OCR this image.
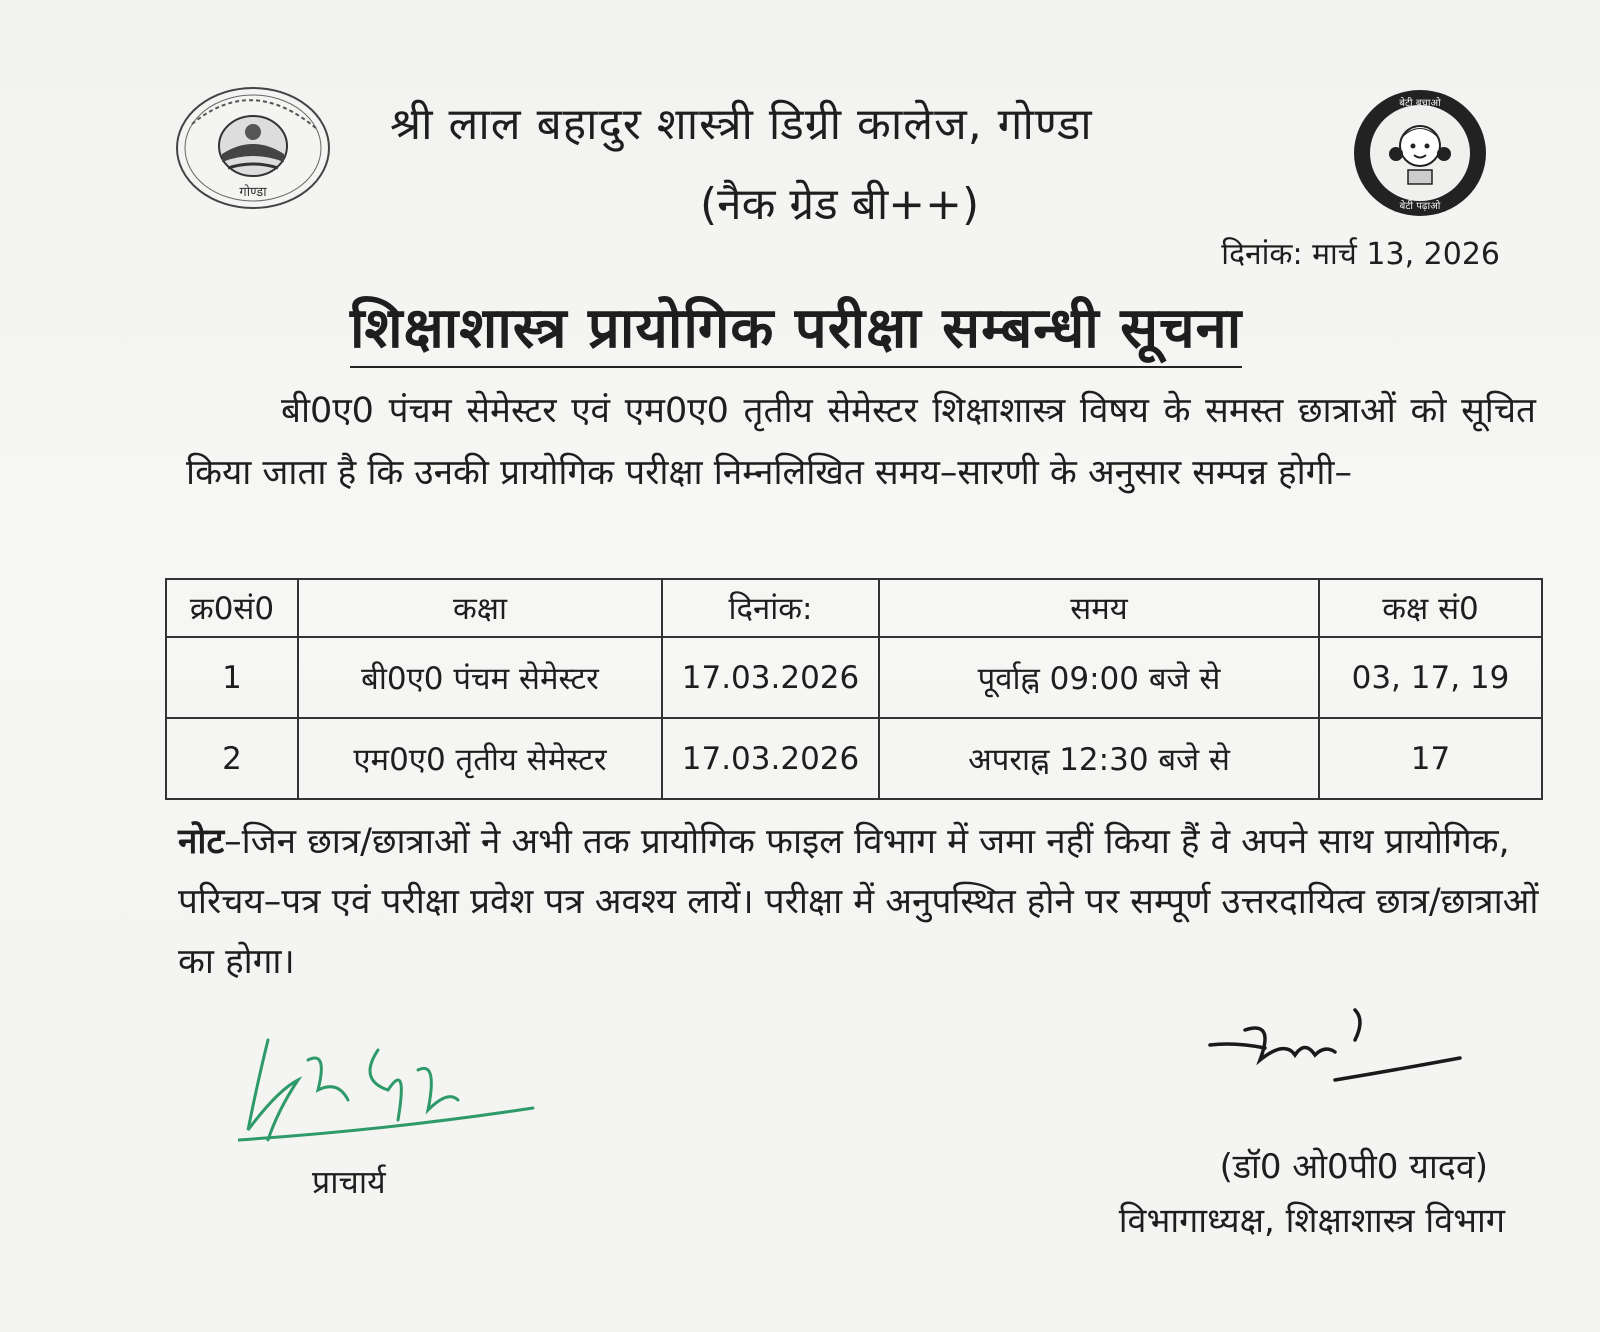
गोण्डा
बेटी बचाओ
बेटी पढ़ाओ
श्री लाल बहादुर शास्त्री डिग्री कालेज, गोण्डा
(नैक ग्रेड बी++)
दिनांक: मार्च 13, 2026
शिक्षाशास्त्र प्रायोगिक परीक्षा सम्बन्धी सूचना
बी0ए0 पंचम सेमेस्टर एवं एम0ए0 तृतीय सेमेस्टर शिक्षाशास्त्र विषय के समस्त छात्राओं को सूचित किया जाता है कि उनकी प्रायोगिक परीक्षा निम्नलिखित समय–सारणी के अनुसार सम्पन्न होगी–
क्र0सं0	कक्षा	दिनांक:	समय	कक्ष सं0
1	बी0ए0 पंचम सेमेस्टर	17.03.2026	पूर्वाह्न 09:00 बजे से	03, 17, 19
2	एम0ए0 तृतीय सेमेस्टर	17.03.2026	अपराह्न 12:30 बजे से	17
नोट–जिन छात्र/छात्राओं ने अभी तक प्रायोगिक फाइल विभाग में जमा नहीं किया हैं वे अपने साथ प्रायोगिक, परिचय–पत्र एवं परीक्षा प्रवेश पत्र अवश्य लायें। परीक्षा में अनुपस्थित होने पर सम्पूर्ण उत्तरदायित्व छात्र/छात्राओं का होगा।
प्राचार्य	(डॉ0 ओ0पी0 यादव)
विभागाध्यक्ष, शिक्षाशास्त्र विभाग
